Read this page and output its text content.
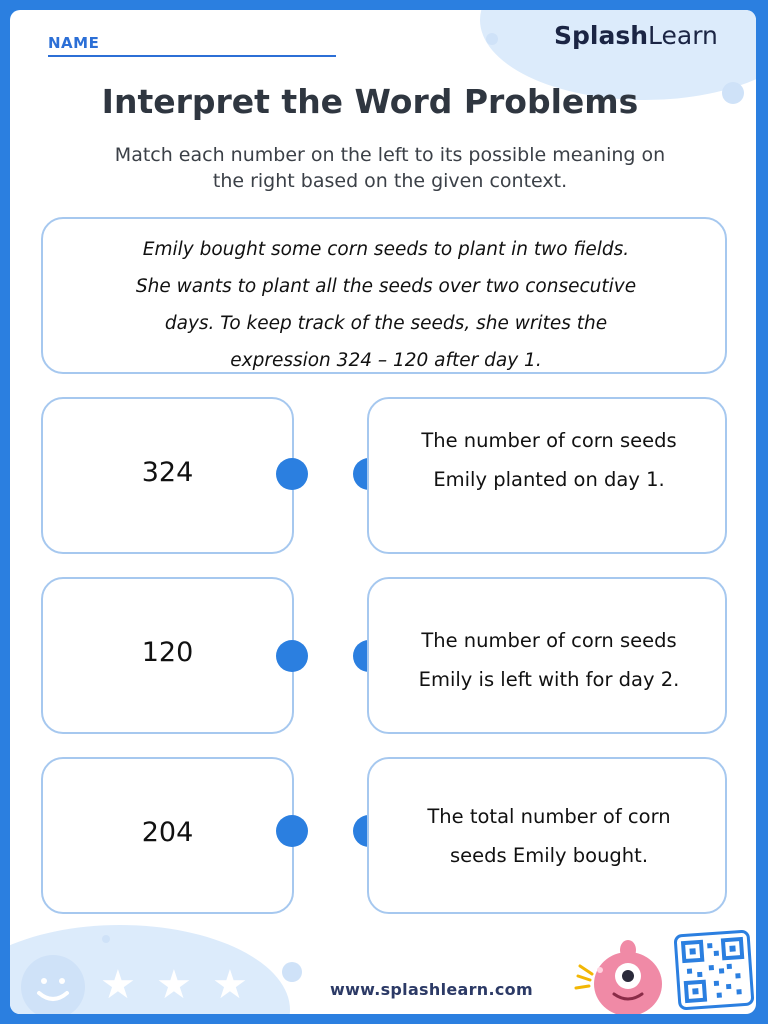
NAME	SplashLearn
Interpret the Word Problems
Match each number on the left to its possible meaning on
the right based on the given context.
Emily bought some corn seeds to plant in two fields.
She wants to plant all the seeds over two consecutive
days. To keep track of the seeds, she writes the
expression 324 – 120 after day 1.
324
The number of corn seeds
Emily planted on day 1.
120	The number of corn seeds
Emily is left with for day 2.
204
The total number of corn
seeds Emily bought.
★ ★ ★	www.splashlearn.com
